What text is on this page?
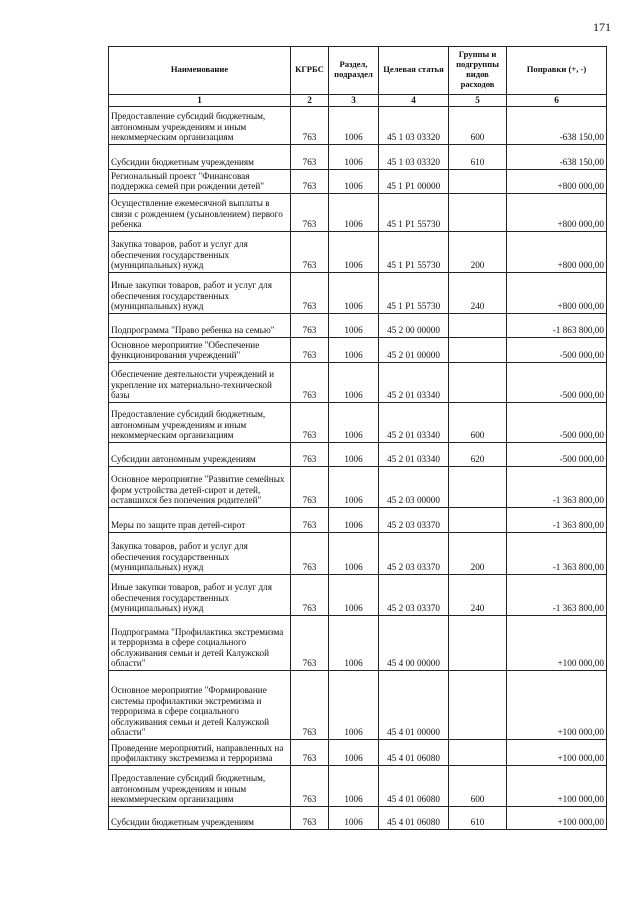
171
Наименование	КГРБС	Раздел, подраздел	Целевая статья	Группы и подгруппы видов расходов	Поправки (+, -)
1	2	3	4	5	6
Предоставление субсидий бюджетным, автономным учреждениям и иным некоммерческим организациям	763	1006	45 1 03 03320	600	-638 150,00
Субсидии бюджетным учреждениям	763	1006	45 1 03 03320	610	-638 150,00
Региональный проект "Финансовая поддержка семей при рождении детей"	763	1006	45 1 P1 00000		+800 000,00
Осуществление ежемесячной выплаты в связи с рождением (усыновлением) первого ребенка	763	1006	45 1 P1 55730		+800 000,00
Закупка товаров, работ и услуг для обеспечения государственных (муниципальных) нужд	763	1006	45 1 P1 55730	200	+800 000,00
Иные закупки товаров, работ и услуг для обеспечения государственных (муниципальных) нужд	763	1006	45 1 P1 55730	240	+800 000,00
Подпрограмма "Право ребенка на семью"	763	1006	45 2 00 00000		-1 863 800,00
Основное мероприятие "Обеспечение функционирования учреждений"	763	1006	45 2 01 00000		-500 000,00
Обеспечение деятельности учреждений и укрепление их материально-технической базы	763	1006	45 2 01 03340		-500 000,00
Предоставление субсидий бюджетным, автономным учреждениям и иным некоммерческим организациям	763	1006	45 2 01 03340	600	-500 000,00
Субсидии автономным учреждениям	763	1006	45 2 01 03340	620	-500 000,00
Основное мероприятие "Развитие семейных форм устройства детей-сирот и детей, оставшихся без попечения родителей"	763	1006	45 2 03 00000		-1 363 800,00
Меры по защите прав детей-сирот	763	1006	45 2 03 03370		-1 363 800,00
Закупка товаров, работ и услуг для обеспечения государственных (муниципальных) нужд	763	1006	45 2 03 03370	200	-1 363 800,00
Иные закупки товаров, работ и услуг для обеспечения государственных (муниципальных) нужд	763	1006	45 2 03 03370	240	-1 363 800,00
Подпрограмма "Профилактика экстремизма и терроризма в сфере социального обслуживания семьи и детей Калужской области"	763	1006	45 4 00 00000		+100 000,00
Основное мероприятие "Формирование системы профилактики экстремизма и терроризма в сфере социального обслуживания семьи и детей Калужской области"	763	1006	45 4 01 00000		+100 000,00
Проведение мероприятий, направленных на профилактику экстремизма и терроризма	763	1006	45 4 01 06080		+100 000,00
Предоставление субсидий бюджетным, автономным учреждениям и иным некоммерческим организациям	763	1006	45 4 01 06080	600	+100 000,00
Субсидии бюджетным учреждениям	763	1006	45 4 01 06080	610	+100 000,00
